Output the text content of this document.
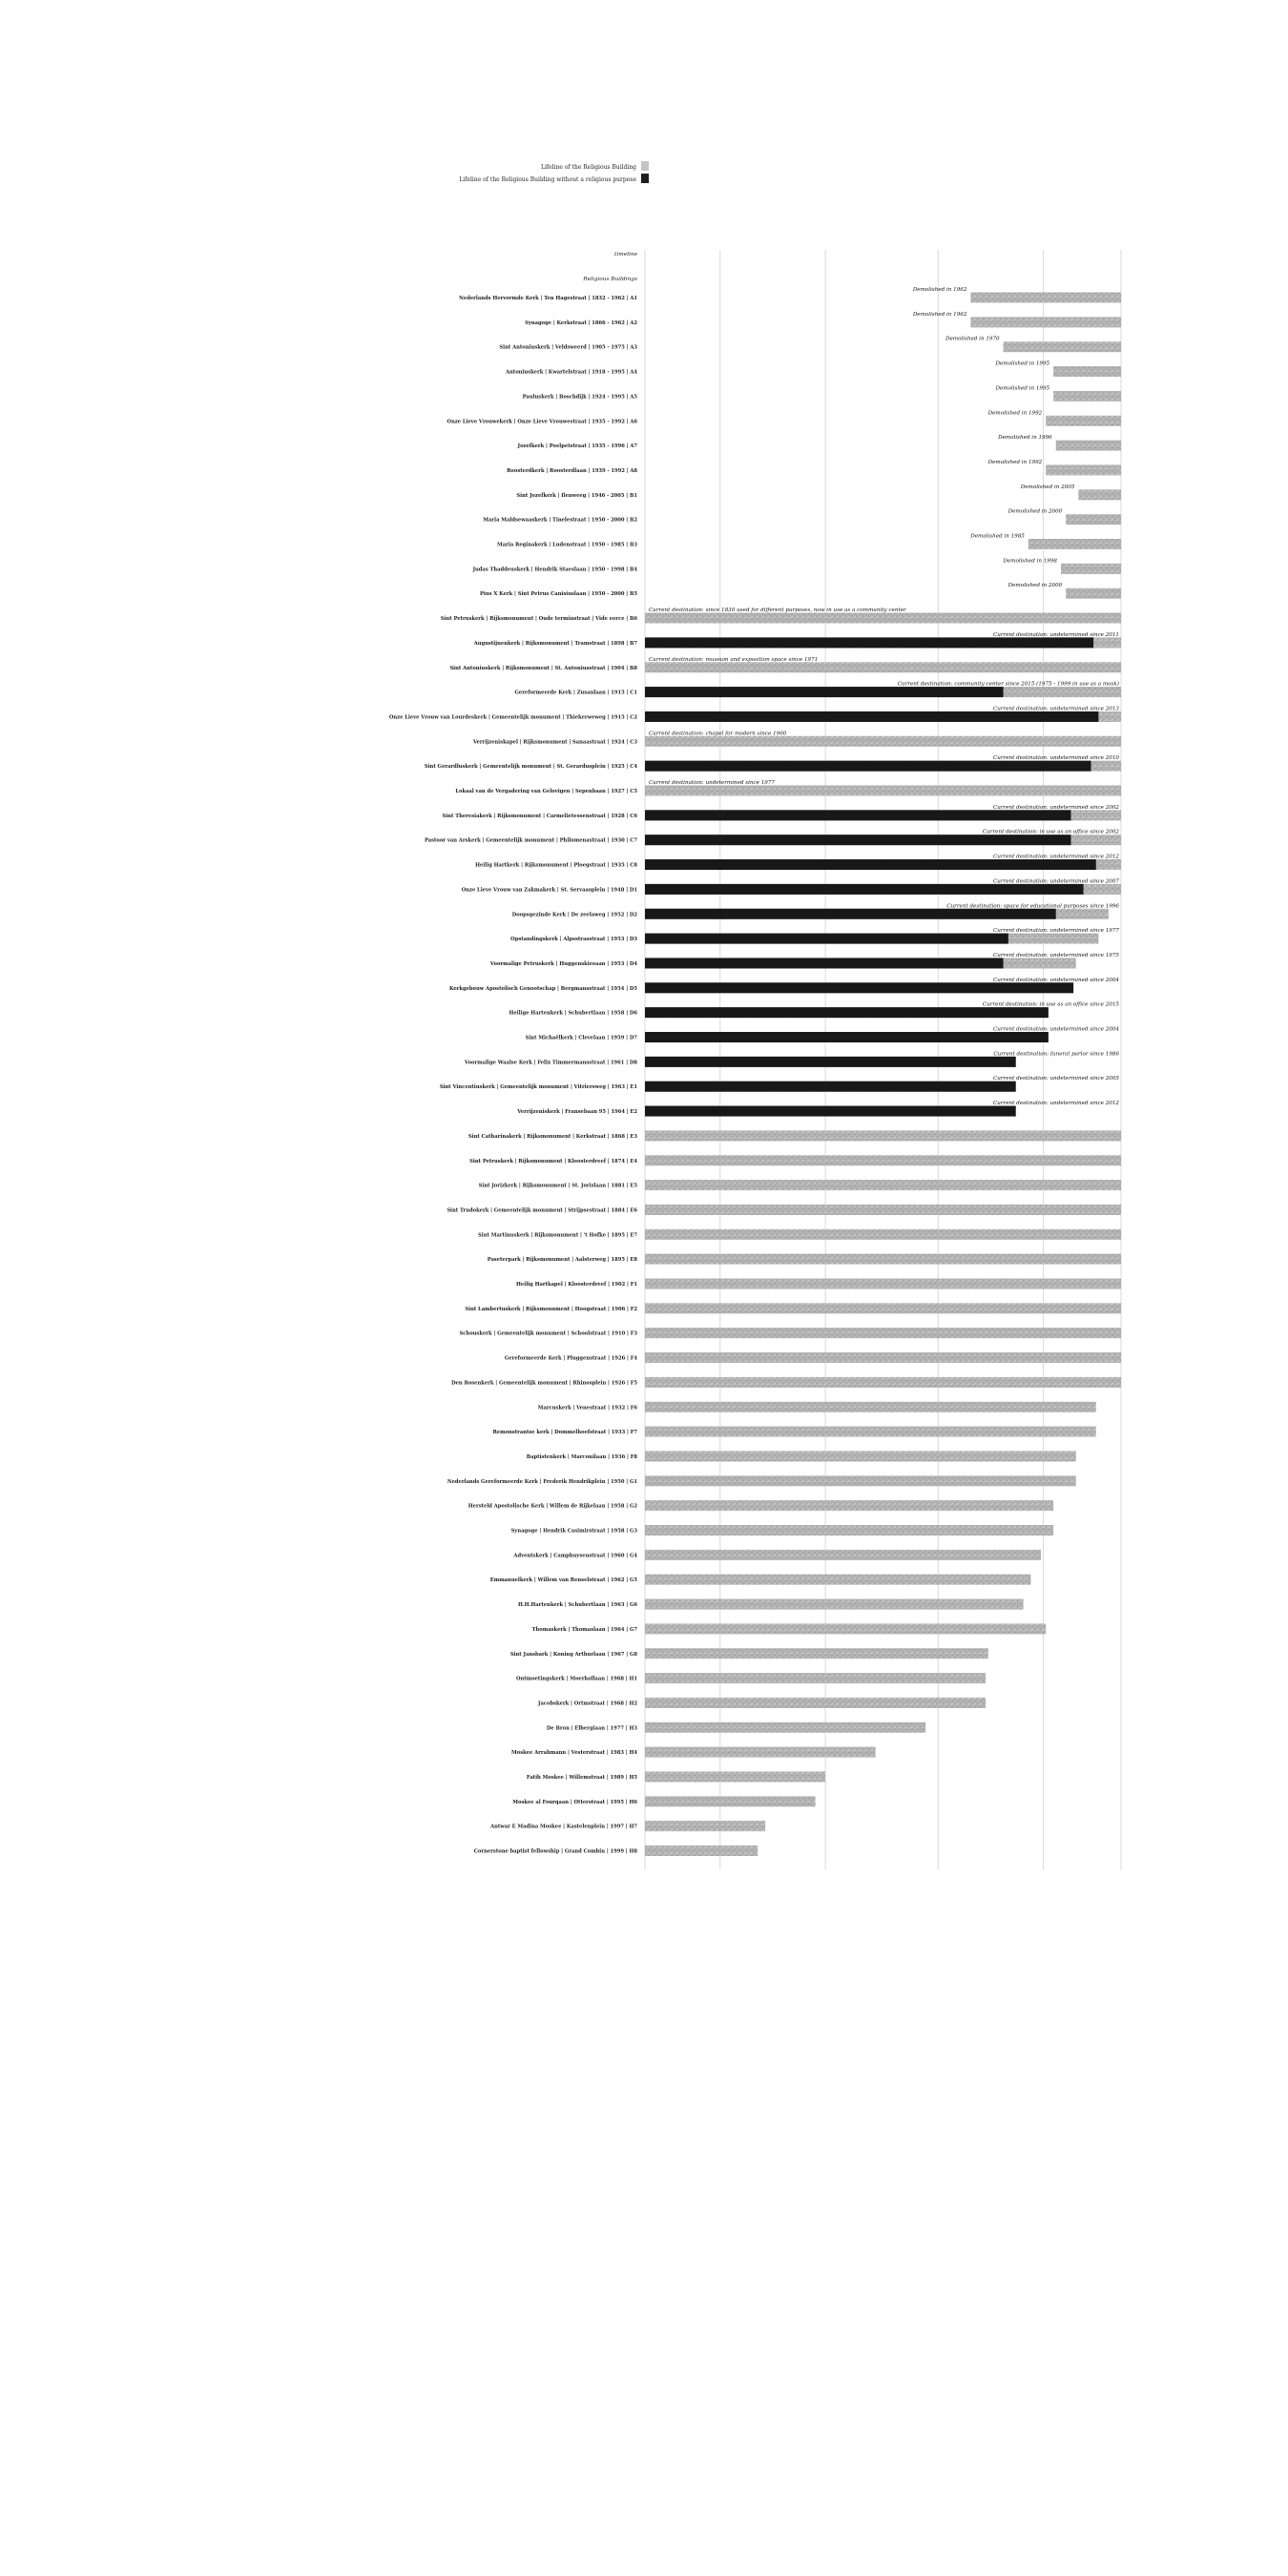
Lifeline of the Religious Building
Lifeline of the Religious Building without a religious purpose
timeline
Religious Buildings
Nederlands Hervormde Kerk | Ten Hagestraat | 1832 - 1962 | A1
Demolished in 1962
Synagoge | Kerkstraat | 1866 - 1962 | A2
Demolished in 1962
Sint Antoniuskerk | Veldsweerd | 1905 - 1975 | A3
Demolished in 1970
Antoniuskerk | Kwartelstraat | 1918 - 1995 | A4
Demolished in 1995
Pauluskerk | Boschdijk | 1924 - 1995 | A5
Demolished in 1995
Onze Lieve Vrouwekerk | Onze Lieve Vrouwestraat | 1935 - 1992 | A6
Demolished in 1992
Jozefkerk | Poelpetstraat | 1935 - 1996 | A7
Demolished in 1996
Roosterdkerk | Roosterdlaan | 1939 - 1992 | A8
Demolished in 1992
Sint Jozefkerk | Ilenweeg | 1946 - 2005 | B1
Demolished in 2005
Maria Maldsewaaskerk | Tinelestraat | 1950 - 2000 | B2
Demolished in 2000
Maria Reginakerk | Ludenstraat | 1950 - 1985 | B3
Demolished in 1985
Judas Thaddeuskerk | Hendrik Staeslaan | 1950 - 1998 | B4
Demolished in 1998
Pius X Kerk | Sint Petrus Canisiuslaan | 1950 - 2000 | B5
Demolished in 2000
Sint Petruskerk | Rijksmonument | Oude terminstraat | Vide eerce | B6
Current destination: since 1830 used for different purposes, now in use as a community center
Augustijnenkerk | Rijksmonument | Tramstraat | 1898 | B7
Current destination: undetermined since 2011
Sint Antoniuskerk | Rijksmonument | St. Antoniusstraat | 1904 | B8
Current destination: museum and exposition space since 1971
Gereformeerde Kerk | Zusanlaan | 1915 | C1
Current destination: community center since 2015 (1975 - 1999 in use as a mosk)
Onze Lieve Vrouw van Lourdeskerk | Gemeentelijk monument | Thiekerweweg | 1915 | C2
Current destination: undetermined since 2013
Verrijzeniskapel | Rijksmonument | Sanaastraat | 1924 | C3
Current destination: chapel for modern since 1960
Sint Gerardluskerk | Gemeentelijk monument | St. Gerardusplein | 1925 | C4
Current destination: undetermined since 2010
Lokaal van de Vergadering van Gelovigen | Sepenbaan | 1927 | C5
Current destination: undetermined since 1977
Sint Theresiakerk | Rijksmonument | Carmelietessenstraat | 1928 | C6
Current destination: undetermined since 2002
Pastoor van Arskerk | Gemeentelijk monument | Philomenastraat | 1930 | C7
Current destination: in use as an office since 2002
Heilig Hartkerk | Rijksmonument | Ploegstraat | 1935 | C8
Current destination: undetermined since 2012
Onze Lieve Vrouw van Zakmakerk | St. Servaasplein | 1948 | D1
Current destination: undetermined since 2007
Doopsgezinde Kerk | De zeelaweg | 1952 | D2
Current destination: space for educational purposes since 1996
Opstandingskerk | Alpsstrasstraat | 1953 | D3
Current destination: undetermined since 1977
Voormalige Petruskerk | Huggenskiesaan | 1953 | D4
Current destination: undetermined since 1975
Kerkgebouw Apostolisch Genootschap | Bergmansstraat | 1954 | D5
Current destination: undetermined since 2004
Heilige Hartenkerk | Schubertlaan | 1958 | D6
Current destination: in use as an office since 2015
Sint Michaëlkerk | Clevelaan | 1959 | D7
Current destination: undetermined since 2004
Voormalige Waalse Kerk | Felix Timmermansstraat | 1961 | D8
Current destination: funeral parlor since 1986
Sint Vincentiuskerk | Gemeentelijk monument | Vitriersweg | 1963 | E1
Current destination: undetermined since 2005
Verrijzeniskerk | Fransebaan 95 | 1964 | E2
Current destination: undetermined since 2012
Sint Catharinakerk | Rijksmonument | Kerkstraat | 1868 | E3
Sint Petruskerk | Rijksmonument | Kloosterdreef | 1874 | E4
Sint Jorizkerk | Rijksmonument | St. Jorislaan | 1881 | E5
Sint Trudokerk | Gemeentelijk monument | Strijpsestraat | 1884 | E6
Sint Martinuskerk | Rijksmonument | 't Hofke | 1895 | E7
Paseterpark | Rijksmonument | Aalsterweg | 1895 | E8
Heilig Hartkapel | Kloosterdreef | 1902 | F1
Sint Lambertuskerk | Rijksmonument | Hoogstraat | 1906 | F2
Schouskerk | Gemeentelijk monument | Schoolstraat | 1910 | F3
Gereformeerde Kerk | Pluggenstraat | 1926 | F4
Den Rosenkerk | Gemeentelijk monument | Rhinosplein | 1926 | F5
Marcuskerk | Venestraat | 1932 | F6
Remonstrantse kerk | Dommelhoefstraat | 1933 | F7
Baptistenkerk | Marconilaan | 1936 | F8
Nederlands Gereformeerde Kerk | Frederik Hendrikplein | 1950 | G1
Hersteld Apostolische Kerk | Willem de Rijkelaan | 1958 | G2
Synagoge | Hendrik Casimirstraat | 1958 | G3
Adventskerk | Camphuysenstraat | 1960 | G4
Emmanuelkerk | Willem van Renselstraat | 1962 | G5
H.H.Hartenkerk | Schubertlaan | 1963 | G6
Thomaskerk | Thomaslaan | 1964 | G7
Sint Jansbark | Koning Arthurlaan | 1967 | G8
Ontmoetingskerk | Moerkollaan | 1968 | H1
Jacobskerk | Ortmstraat | 1968 | H2
De Bron | Elbergiaan | 1977 | H3
Moskee Arrahmann | Vesterstraat | 1983 | H4
Fatih Moskee | Willemstraat | 1989 | H5
Moskee al Fourqaan | Otterstraat | 1995 | H6
Antwar E Madina Moskee | Kastelenplein | 1997 | H7
Cornerstone baptist fellowship | Grand Combin | 1999 | H8
